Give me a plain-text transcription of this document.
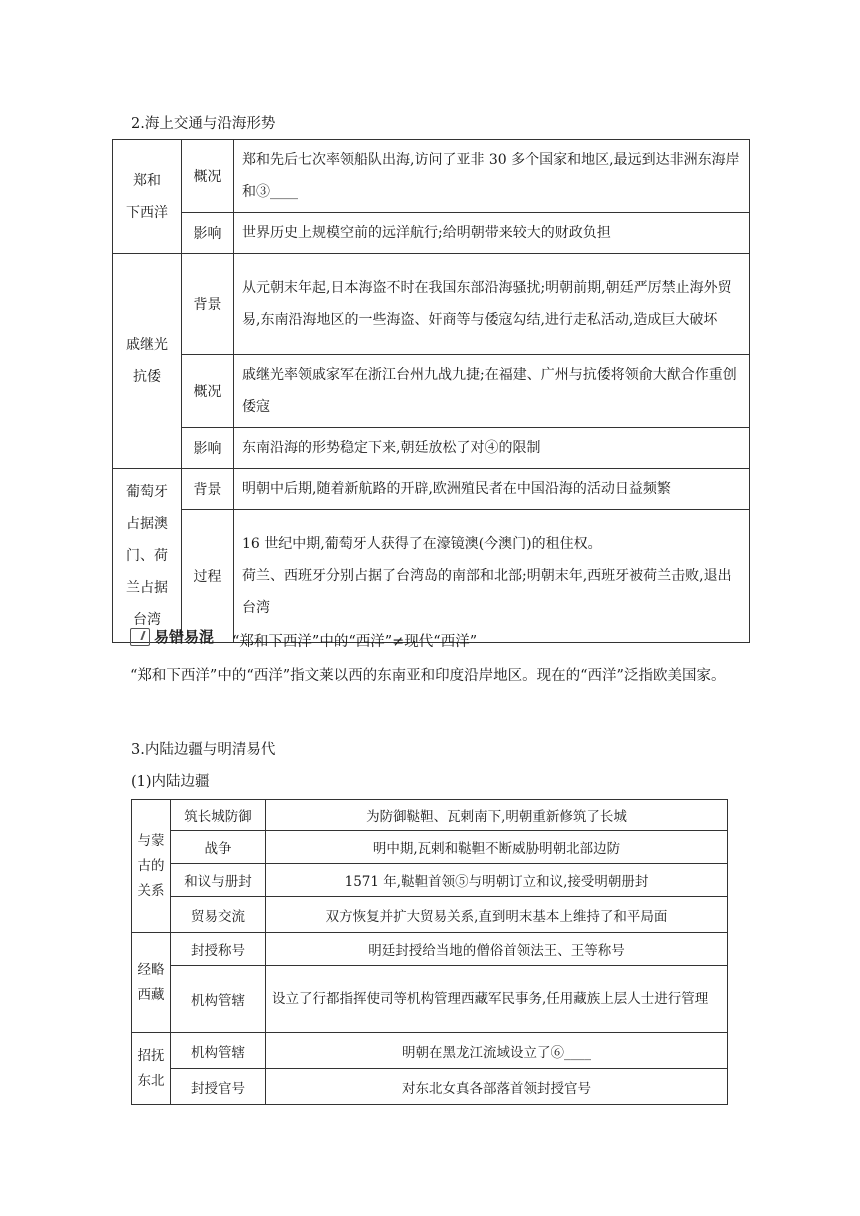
2.海上交通与沿海形势
郑和
下西洋	概况	郑和先后七次率领船队出海,访问了亚非 30 多个国家和地区,最远到达非洲东海岸和③____
	影响	世界历史上规模空前的远洋航行;给明朝带来较大的财政负担
戚继光
抗倭	背景	从元朝末年起,日本海盗不时在我国东部沿海骚扰;明朝前期,朝廷严厉禁止海外贸易,东南沿海地区的一些海盗、奸商等与倭寇勾结,进行走私活动,造成巨大破坏
	概况	戚继光率领戚家军在浙江台州九战九捷;在福建、广州与抗倭将领俞大猷合作重创倭寇
	影响	东南沿海的形势稳定下来,朝廷放松了对④的限制
葡萄牙
占据澳
门、荷
兰占据
台湾	背景	明朝中后期,随着新航路的开辟,欧洲殖民者在中国沿海的活动日益频繁
	过程	16 世纪中期,葡萄牙人获得了在濠镜澳(今澳门)的租住权。
荷兰、西班牙分别占据了台湾岛的南部和北部;明朝末年,西班牙被荷兰击败,退出台湾
易错易混 “郑和下西洋”中的“西洋”≠现代“西洋”
“郑和下西洋”中的“西洋”指文莱以西的东南亚和印度沿岸地区。现在的“西洋”泛指欧美国家。
3.内陆边疆与明清易代
(1)内陆边疆
与蒙
古的
关系	筑长城防御	为防御鞑靼、瓦剌南下,明朝重新修筑了长城
	战争	明中期,瓦剌和鞑靼不断威胁明朝北部边防
	和议与册封	1571 年,鞑靼首领⑤与明朝订立和议,接受明朝册封
	贸易交流	双方恢复并扩大贸易关系,直到明末基本上维持了和平局面
经略
西藏	封授称号	明廷封授给当地的僧俗首领法王、王等称号
	机构管辖	设立了行都指挥使司等机构管理西藏军民事务,任用藏族上层人士进行管理
招抚
东北	机构管辖	明朝在黑龙江流域设立了⑥____
	封授官号	对东北女真各部落首领封授官号
